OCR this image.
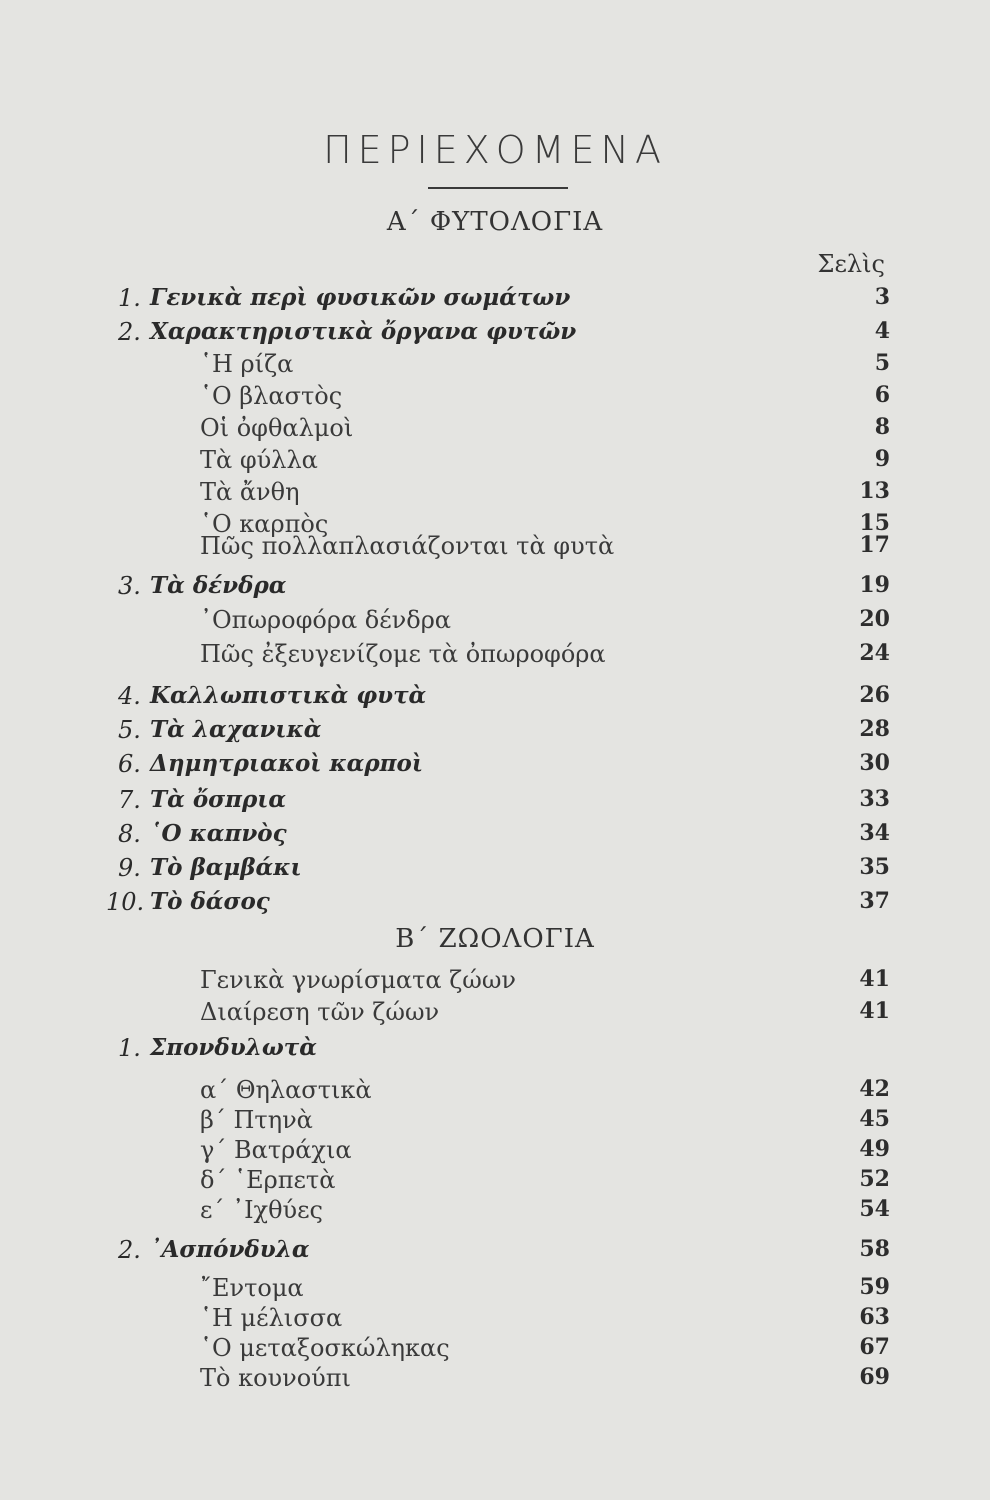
ΠΕΡΙΕΧΟΜΕΝΑ
Α΄ ΦΥΤΟΛΟΓΙΑ
Σελὶς
1. Γενικὰ περὶ φυσικῶν σωμάτων	3
2. Χαρακτηριστικὰ ὄργανα φυτῶν	4
῾Η ρίζα	5
῾Ο βλαστὸς	6
Οἱ ὀφθαλμοὶ	8
Τὰ φύλλα	9
Τὰ ἄνθη	13
῾Ο καρπὸς	15
Πῶς πολλαπλασιάζονται τὰ φυτὰ	17
3. Τὰ δένδρα	19
᾿Οπωροφόρα δένδρα	20
Πῶς ἐξευγενίζομε τὰ ὀπωροφόρα	24
4. Καλλωπιστικὰ φυτὰ	26
5. Τὰ λαχανικὰ	28
6. Δημητριακοὶ καρποὶ	30
7. Τὰ ὄσπρια	33
8. ῾Ο καπνὸς	34
9. Τὸ βαμβάκι	35
10. Τὸ δάσος	37
Β΄ ΖΩΟΛΟΓΙΑ
Γενικὰ γνωρίσματα ζώων	41
Διαίρεση τῶν ζώων	41
1. Σπονδυλωτὰ
α΄ Θηλαστικὰ	42
β΄ Πτηνὰ	45
γ΄ Βατράχια	49
δ΄ ῾Ερπετὰ	52
ε΄ ᾿Ιχθύες	54
2. ᾿Ασπόνδυλα	58
῎Εντομα	59
῾Η μέλισσα	63
῾Ο μεταξοσκώληκας	67
Τὸ κουνούπι	69
